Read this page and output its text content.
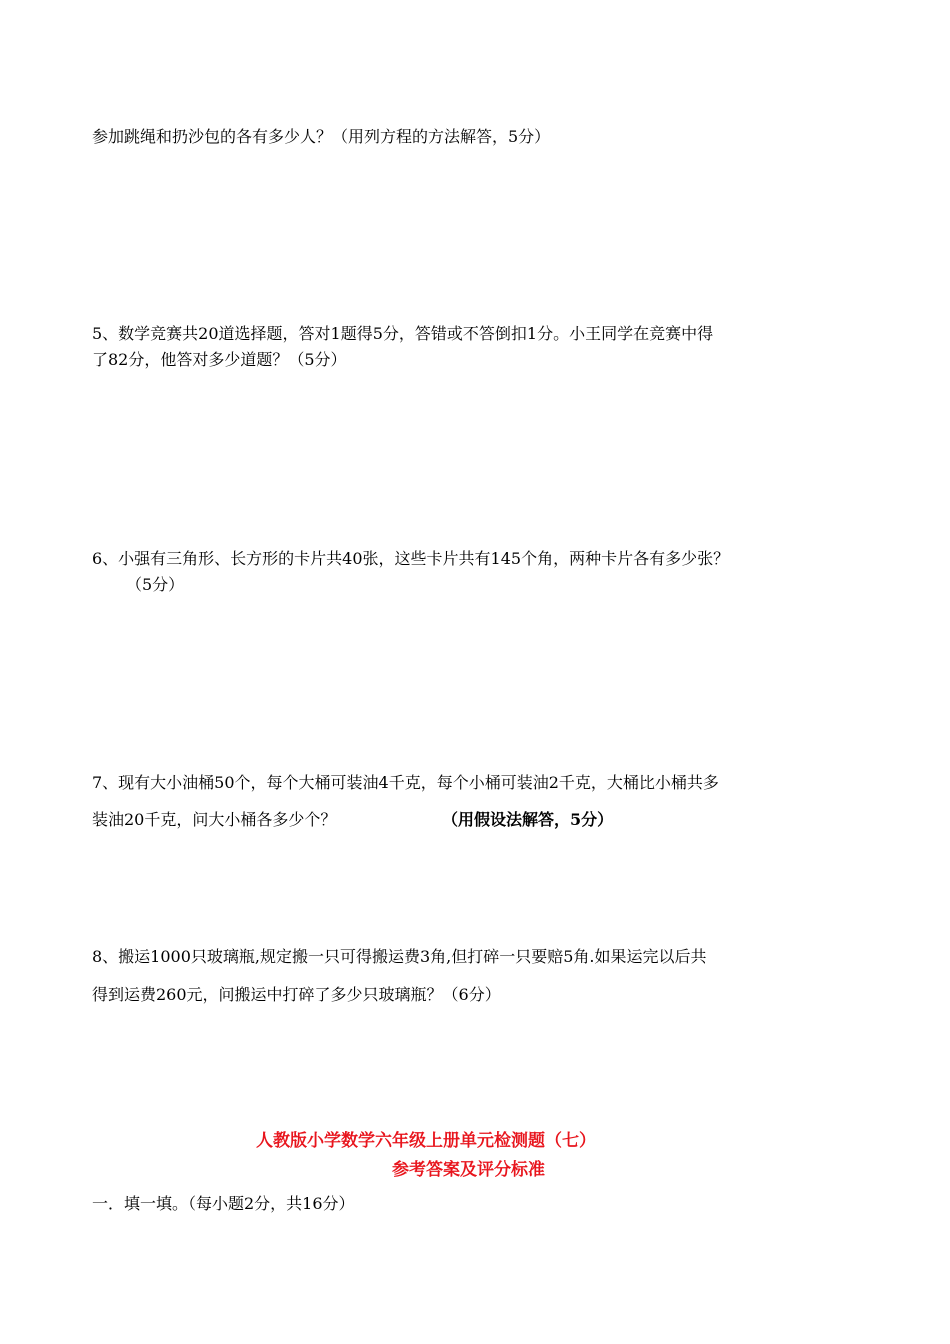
参加跳绳和扔沙包的各有多少人？（用列方程的方法解答，5分）
5、数学竞赛共20道选择题，答对1题得5分，答错或不答倒扣1分。小王同学在竞赛中得
了82分，他答对多少道题？（5分）
6、小强有三角形、长方形的卡片共40张，这些卡片共有145个角，两种卡片各有多少张？
（5分）
7、现有大小油桶50个，每个大桶可装油4千克，每个小桶可装油2千克，大桶比小桶共多
装油20千克，问大小桶各多少个？	（用假设法解答，5分）
8、搬运1000只玻璃瓶,规定搬一只可得搬运费3角,但打碎一只要赔5角.如果运完以后共
得到运费260元，问搬运中打碎了多少只玻璃瓶？（6分）
人教版小学数学六年级上册单元检测题（七）
参考答案及评分标准
一．填一填。（每小题2分，共16分）
